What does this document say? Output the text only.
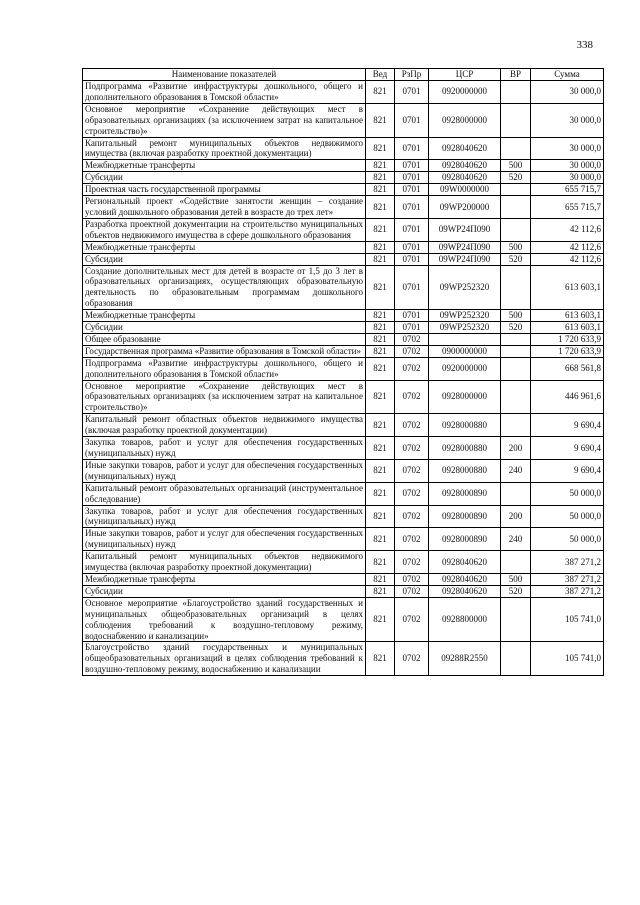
338
Наименование показателей	Вед	РзПр	ЦСР	ВР	Сумма
Подпрограмма «Развитие инфраструктуры дошкольного, общего и дополнительного образования в Томской области»	821	0701	0920000000		30 000,0
Основное мероприятие «Сохранение действующих мест в образовательных организациях (за исключением затрат на капитальное строительство)»	821	0701	0928000000		30 000,0
Капитальный ремонт муниципальных объектов недвижимого имущества (включая разработку проектной документации)	821	0701	0928040620		30 000,0
Межбюджетные трансферты	821	0701	0928040620	500	30 000,0
Субсидии	821	0701	0928040620	520	30 000,0
Проектная часть государственной программы	821	0701	09W0000000		655 715,7
Региональный проект «Содействие занятости женщин – создание условий дошкольного образования детей в возрасте до трех лет»	821	0701	09WP200000		655 715,7
Разработка проектной документации на строительство муниципальных объектов недвижимого имущества в сфере дошкольного образования	821	0701	09WP24П090		42 112,6
Межбюджетные трансферты	821	0701	09WP24П090	500	42 112,6
Субсидии	821	0701	09WP24П090	520	42 112,6
Создание дополнительных мест для детей в возрасте от 1,5 до 3 лет в образовательных организациях, осуществляющих образовательную деятельность по образовательным программам дошкольного образования	821	0701	09WP252320		613 603,1
Межбюджетные трансферты	821	0701	09WP252320	500	613 603,1
Субсидии	821	0701	09WP252320	520	613 603,1
Общее образование	821	0702			1 720 633,9
Государственная программа «Развитие образования в Томской области»	821	0702	0900000000		1 720 633,9
Подпрограмма «Развитие инфраструктуры дошкольного, общего и дополнительного образования в Томской области»	821	0702	0920000000		668 561,8
Основное мероприятие «Сохранение действующих мест в образовательных организациях (за исключением затрат на капитальное строительство)»	821	0702	0928000000		446 961,6
Капитальный ремонт областных объектов недвижимого имущества (включая разработку проектной документации)	821	0702	0928000880		9 690,4
Закупка товаров, работ и услуг для обеспечения государственных (муниципальных) нужд	821	0702	0928000880	200	9 690,4
Иные закупки товаров, работ и услуг для обеспечения государственных (муниципальных) нужд	821	0702	0928000880	240	9 690,4
Капитальный ремонт образовательных организаций (инструментальное обследование)	821	0702	0928000890		50 000,0
Закупка товаров, работ и услуг для обеспечения государственных (муниципальных) нужд	821	0702	0928000890	200	50 000,0
Иные закупки товаров, работ и услуг для обеспечения государственных (муниципальных) нужд	821	0702	0928000890	240	50 000,0
Капитальный ремонт муниципальных объектов недвижимого имущества (включая разработку проектной документации)	821	0702	0928040620		387 271,2
Межбюджетные трансферты	821	0702	0928040620	500	387 271,2
Субсидии	821	0702	0928040620	520	387 271,2
Основное мероприятие «Благоустройство зданий государственных и муниципальных общеобразовательных организаций в целях соблюдения требований к воздушно-тепловому режиму, водоснабжению и канализации»	821	0702	0928800000		105 741,0
Благоустройство зданий государственных и муниципальных общеобразовательных организаций в целях соблюдения требований к воздушно-тепловому режиму, водоснабжению и канализации	821	0702	09288R2550		105 741,0
